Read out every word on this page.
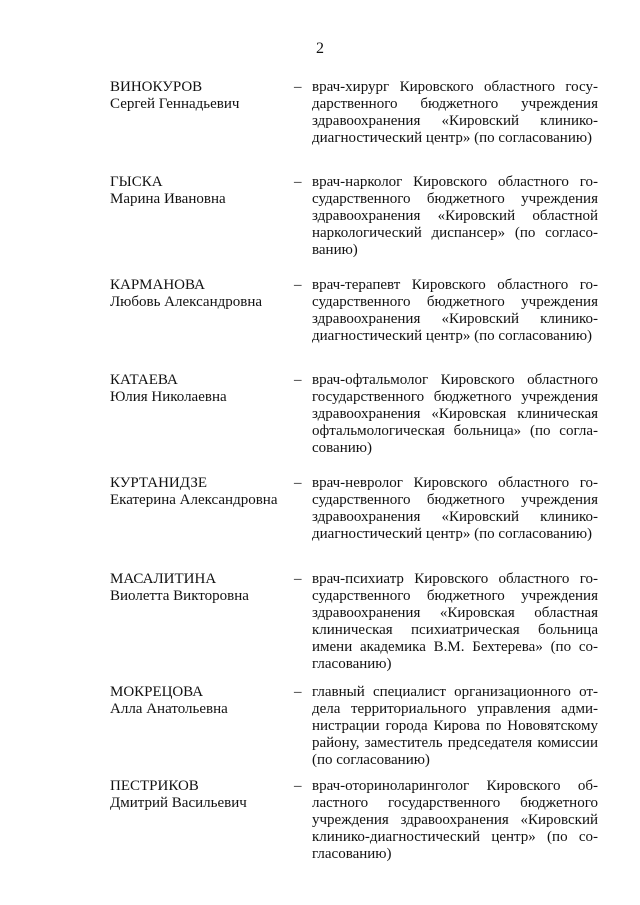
2
ВИНОКУРОВ
Сергей Геннадьевич
– врач-хирург Кировского областного государственного бюджетного учреждения здравоохранения «Кировский клинико-диагностический центр» (по согласованию)
ГЫСКА
Марина Ивановна
– врач-нарколог Кировского областного государственного бюджетного учреждения здравоохранения «Кировский областной наркологический диспансер» (по согласованию)
КАРМАНОВА
Любовь Александровна
– врач-терапевт Кировского областного государственного бюджетного учреждения здравоохранения «Кировский клинико-диагностический центр» (по согласованию)
КАТАЕВА
Юлия Николаевна
– врач-офтальмолог Кировского областного государственного бюджетного учреждения здравоохранения «Кировская клиническая офтальмологическая больница» (по согласованию)
КУРТАНИДЗЕ
Екатерина Александровна
– врач-невролог Кировского областного государственного бюджетного учреждения здравоохранения «Кировский клинико-диагностический центр» (по согласованию)
МАСАЛИТИНА
Виолетта Викторовна
– врач-психиатр Кировского областного государственного бюджетного учреждения здравоохранения «Кировская областная клиническая психиатрическая больница имени академика В.М. Бехтерева» (по согласованию)
МОКРЕЦОВА
Алла Анатольевна
– главный специалист организационного отдела территориального управления администрации города Кирова по Нововятскому району, заместитель председателя комиссии (по согласованию)
ПЕСТРИКОВ
Дмитрий Васильевич
– врач-оториноларинголог Кировского областного государственного бюджетного учреждения здравоохранения «Кировский клинико-диагностический центр» (по согласованию)
